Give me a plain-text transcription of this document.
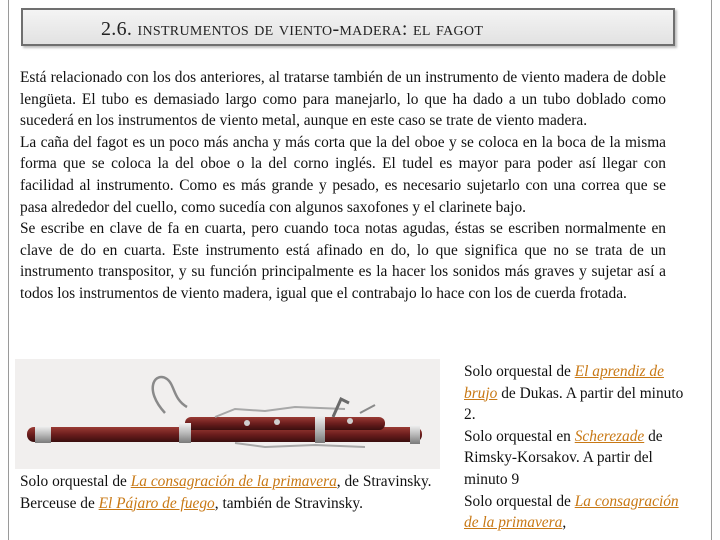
2.6. instrumentos de viento-madera: el fagot

Está relacionado con los dos anteriores, al tratarse también de un instrumento de viento madera de doble lengüeta. El tubo es demasiado largo como para manejarlo, lo que ha dado a un tubo doblado como sucederá en los instrumentos de viento metal, aunque en este caso se trate de viento madera.

La caña del fagot es un poco más ancha y más corta que la del oboe y se coloca en la boca de la misma forma que se coloca la del oboe o la del corno inglés. El tudel es mayor para poder así llegar con facilidad al instrumento. Como es más grande y pesado, es necesario sujetarlo con una correa que se pasa alrededor del cuello, como sucedía con algunos saxofones y el clarinete bajo.

Se escribe en clave de fa en cuarta, pero cuando toca notas agudas, éstas se escriben normalmente en clave de do en cuarta. Este instrumento está afinado en do, lo que significa que no se trata de un instrumento transpositor, y su función principalmente es la hacer los sonidos más graves y sujetar así a todos los instrumentos de viento madera, igual que el contrabajo lo hace con los de cuerda frotada.

Solo orquestal de La consagración de la primavera, de Stravinsky.
Berceuse de El Pájaro de fuego, también de Stravinsky.
Solo orquestal de El aprendiz de brujo de Dukas. A partir del minuto 2.
Solo orquestal en Scherezade de Rimsky-Korsakov. A partir del minuto 9
Solo orquestal de La consagración de la primavera,
